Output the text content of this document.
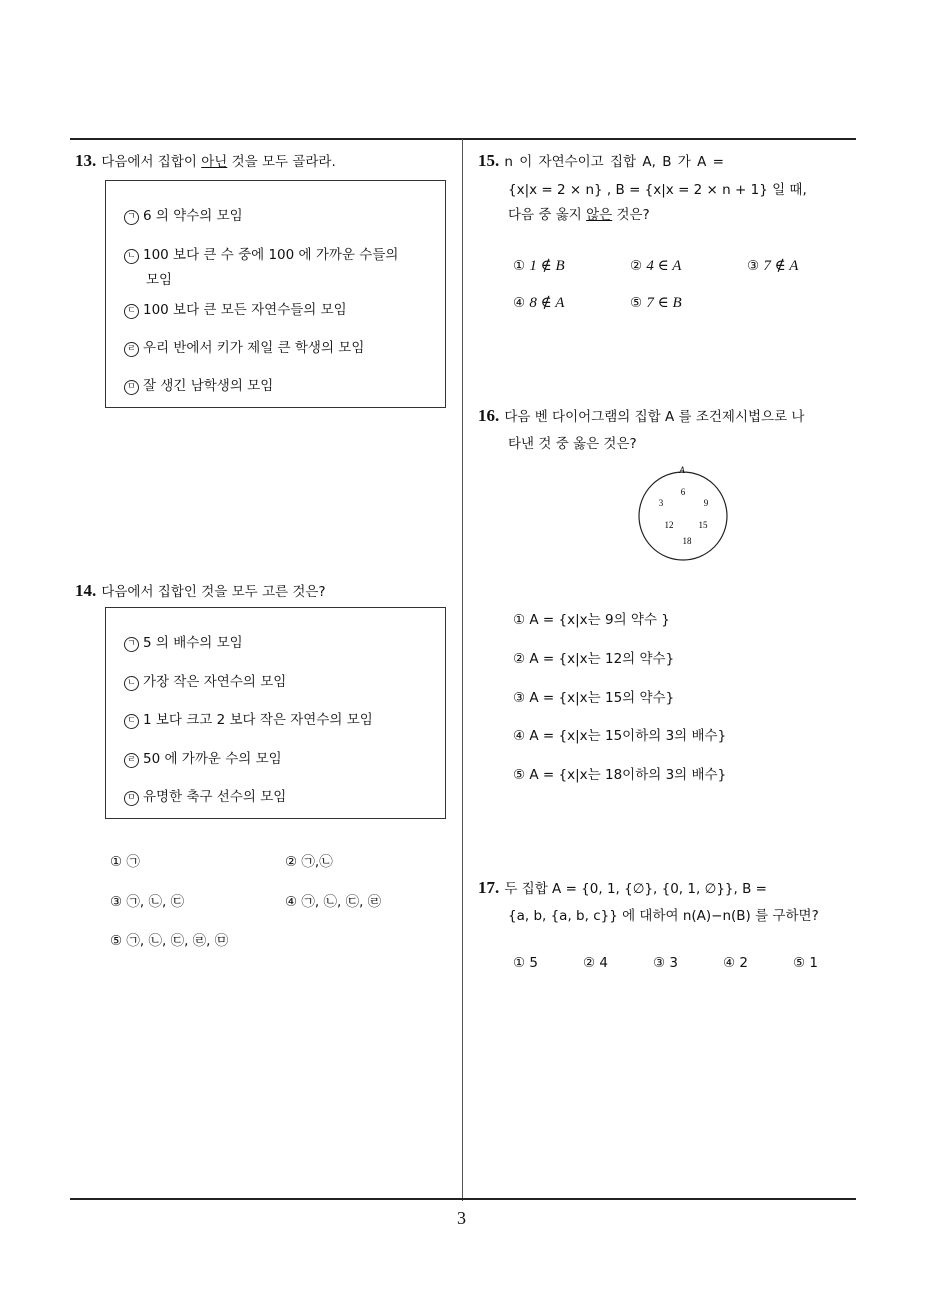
3
13. 다음에서 집합이 아닌 것을 모두 골라라.
ㄱ 6 의 약수의 모임
ㄴ 100 보다 큰 수 중에 100 에 가까운 수들의
모임
ㄷ 100 보다 큰 모든 자연수들의 모임
ㄹ 우리 반에서 키가 제일 큰 학생의 모임
ㅁ 잘 생긴 남학생의 모임
14. 다음에서 집합인 것을 모두 고른 것은?
ㄱ 5 의 배수의 모임
ㄴ 가장 작은 자연수의 모임
ㄷ 1 보다 크고 2 보다 작은 자연수의 모임
ㄹ 50 에 가까운 수의 모임
ㅁ 유명한 축구 선수의 모임
① ㉠	② ㉠,㉡
③ ㉠, ㉡, ㉢	④ ㉠, ㉡, ㉢, ㉣
⑤ ㉠, ㉡, ㉢, ㉣, ㉤
15. n 이 자연수이고 집합 A, B 가 A =
{x|x = 2 × n} , B = {x|x = 2 × n + 1} 일 때,
다음 중 옳지 않은 것은?
① 1 ∉ B	② 4 ∈ A	③ 7 ∉ A
④ 8 ∉ A	⑤ 7 ∈ B
16. 다음 벤 다이어그램의 집합 A 를 조건제시법으로 나
타낸 것 중 옳은 것은?
A
6
3	9
12	15
18
① A = {x|x는 9의 약수 }
② A = {x|x는 12의 약수}
③ A = {x|x는 15의 약수}
④ A = {x|x는 15이하의 3의 배수}
⑤ A = {x|x는 18이하의 3의 배수}
17. 두 집합 A = {0, 1, {∅}, {0, 1, ∅}}, B =
{a, b, {a, b, c}} 에 대하여 n(A)−n(B) 를 구하면?
① 5	② 4	③ 3	④ 2	⑤ 1
